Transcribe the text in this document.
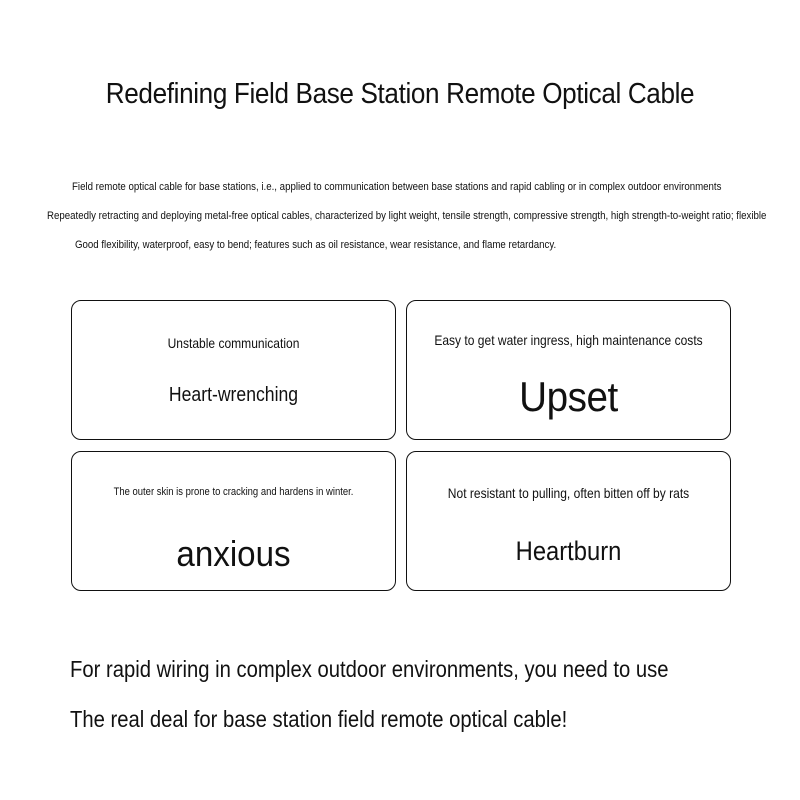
Redefining Field Base Station Remote Optical Cable
Field remote optical cable for base stations, i.e., applied to communication between base stations and rapid cabling or in complex outdoor environments
Repeatedly retracting and deploying metal-free optical cables, characterized by light weight, tensile strength, compressive strength, high strength-to-weight ratio; flexible
Good flexibility, waterproof, easy to bend; features such as oil resistance, wear resistance, and flame retardancy.
Unstable communication
Heart-wrenching
Easy to get water ingress, high maintenance costs
Upset
The outer skin is prone to cracking and hardens in winter.
anxious
Not resistant to pulling, often bitten off by rats
Heartburn
For rapid wiring in complex outdoor environments, you need to use
The real deal for base station field remote optical cable!
